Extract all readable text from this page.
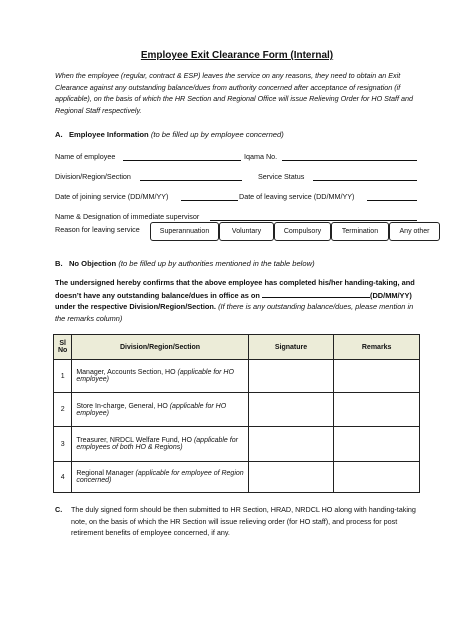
Employee Exit Clearance Form (Internal)
When the employee (regular, contract & ESP) leaves the service on any reasons, they need to obtain an Exit Clearance against any outstanding balance/dues from authority concerned after acceptance of resignation (if applicable), on the basis of which the HR Section and Regional Office will issue Relieving Order for HO Staff and Regional Staff respectively.
A. Employee Information (to be filled up by employee concerned)
Name of employee	Iqama No.
Division/Region/Section	Service Status
Date of joining service (DD/MM/YY)	Date of leaving service (DD/MM/YY)
Name & Designation of immediate supervisor
Reason for leaving service	Superannuation	Voluntary	Compulsory	Termination	Any other
B. No Objection (to be filled up by authorities mentioned in the table below)
The undersigned hereby confirms that the above employee has completed his/her handing-taking, and doesn’t have any outstanding balance/dues in office as on	(DD/MM/YY) under the respective Division/Region/Section. (If there is any outstanding balance/dues, please mention in the remarks column)
Sl No	Division/Region/Section	Signature	Remarks
1	Manager, Accounts Section, HO (applicable for HO employee)		
2	Store In-charge, General, HO (applicable for HO employee)		
3	Treasurer, NRDCL Welfare Fund, HO (applicable for employees of both HO & Regions)		
4	Regional Manager (applicable for employee of Region concerned)		
C.	The duly signed form should be then submitted to HR Section, HRAD, NRDCL HO along with handing-taking note, on the basis of which the HR Section will issue relieving order (for HO staff), and process for post retirement benefits of employee concerned, if any.
